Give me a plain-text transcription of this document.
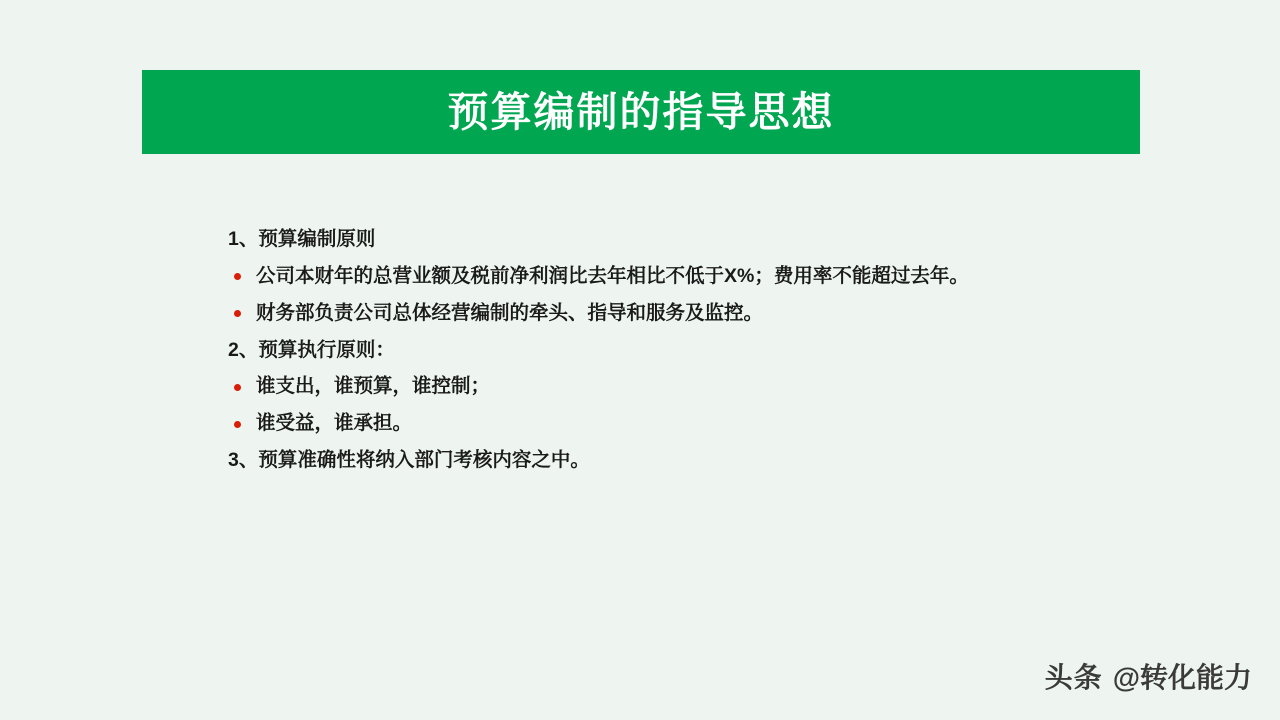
预算编制的指导思想
1、预算编制原则
公司本财年的总营业额及税前净利润比去年相比不低于X%；费用率不能超过去年。
财务部负责公司总体经营编制的牵头、指导和服务及监控。
2、预算执行原则：
谁支出，谁预算，谁控制；
谁受益，谁承担。
3、预算准确性将纳入部门考核内容之中。
头条 @转化能力
